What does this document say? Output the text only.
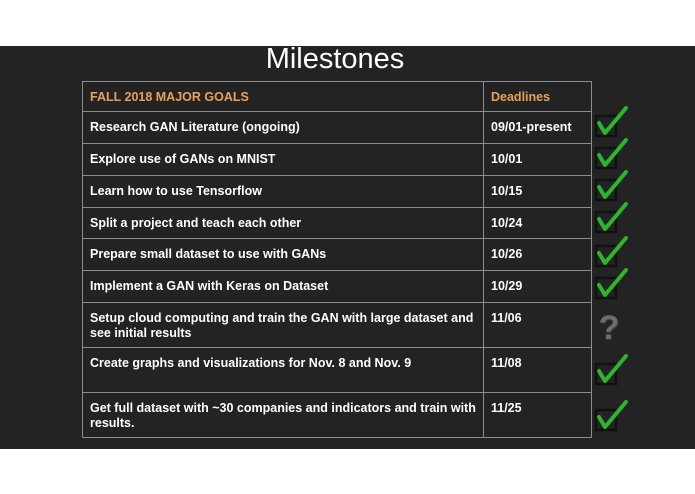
Milestones
FALL 2018 MAJOR GOALS	Deadlines
Research GAN Literature (ongoing)	09/01-present
Explore use of GANs on MNIST	10/01
Learn how to use Tensorflow	10/15
Split a project and teach each other	10/24
Prepare small dataset to use with GANs	10/26
Implement a GAN with Keras on Dataset	10/29
Setup cloud computing and train the GAN with large dataset and see initial results	11/06
Create graphs and visualizations for Nov. 8 and Nov. 9	11/08
Get full dataset with ~30 companies and indicators and train with results.	11/25
?
